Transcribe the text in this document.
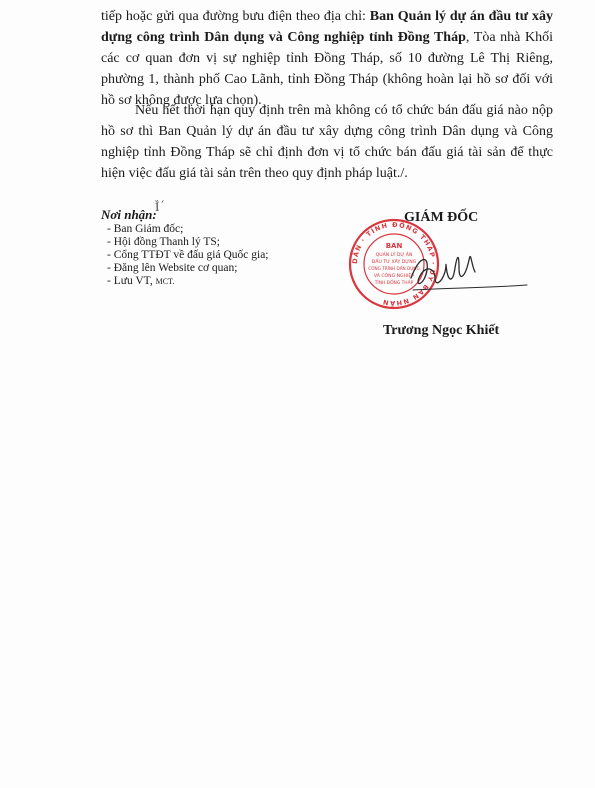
tiếp hoặc gửi qua đường bưu điện theo địa chỉ: Ban Quản lý dự án đầu tư xây dựng công trình Dân dụng và Công nghiệp tỉnh Đồng Tháp, Tòa nhà Khối các cơ quan đơn vị sự nghiệp tỉnh Đồng Tháp, số 10 đường Lê Thị Riêng, phường 1, thành phố Cao Lãnh, tỉnh Đồng Tháp (không hoàn lại hồ sơ đối với hồ sơ không được lựa chọn).

Nếu hết thời hạn quy định trên mà không có tổ chức bán đấu giá nào nộp hồ sơ thì Ban Quản lý dự án đầu tư xây dựng công trình Dân dụng và Công nghiệp tỉnh Đồng Tháp sẽ chỉ định đơn vị tổ chức bán đấu giá tài sản để thực hiện việc đấu giá tài sản trên theo quy định pháp luật./.

Ȉ´
Nơi nhận:
- Ban Giám đốc;
- Hội đồng Thanh lý TS;
- Cổng TTĐT về đấu giá Quốc gia;
- Đăng lên Website cơ quan;
- Lưu VT, MCT.
GIÁM ĐỐC
DÂN · TỈNH ĐỒNG THÁP · ỦY BAN NHÂN
BAN
QUẢN LÝ DỰ ÁN
ĐẦU TƯ XÂY DỰNG
CÔNG TRÌNH DÂN DỤNG
VÀ CÔNG NGHIỆP
TỈNH ĐỒNG THÁP
Trương Ngọc Khiết
